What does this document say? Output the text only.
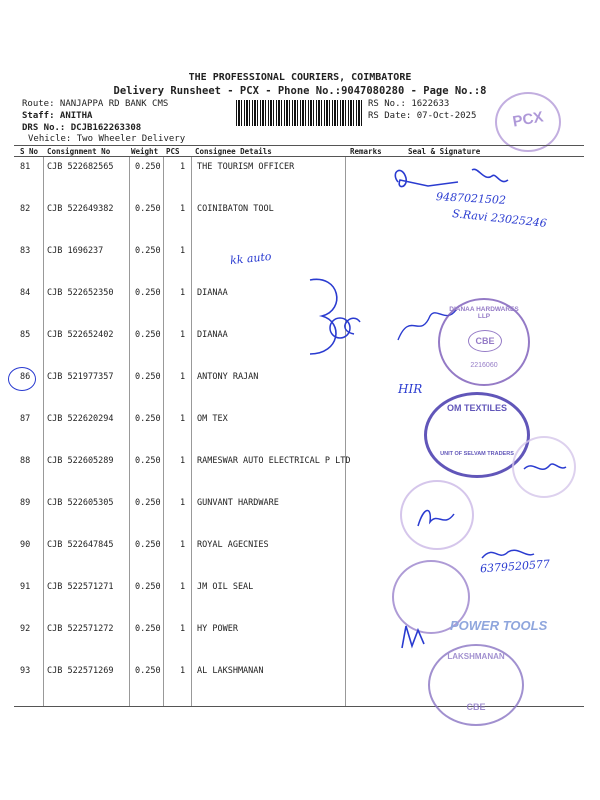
THE PROFESSIONAL COURIERS, COIMBATORE
Delivery Runsheet - PCX - Phone No.:9047080280 - Page No.:8
Route: NANJAPPA RD BANK CMS
Staff: ANITHA
DRS No.: DCJB162263308
Vehicle: Two Wheeler Delivery
RS No.: 1622633
RS Date: 07-Oct-2025	PCX
S No Consignment No	Weight PCS Consignee Details	Remarks	Seal & Signature
81 CJB 522682565	0.250 1 THE TOURISM OFFICER
82 CJB 522649382	0.250 1 COINIBATON TOOL
83 CJB 1696237	0.250 1
84 CJB 522652350	0.250 1 DIANAA
85 CJB 522652402	0.250 1 DIANAA
86 CJB 521977357	0.250 1 ANTONY RAJAN
87 CJB 522620294	0.250 1 OM TEX
88 CJB 522605289	0.250 1 RAMESWAR AUTO ELECTRICAL P LTD
89 CJB 522605305	0.250 1 GUNVANT HARDWARE
90 CJB 522647845	0.250 1 ROYAL AGECNIES
91 CJB 522571271	0.250 1 JM OIL SEAL
92 CJB 522571272	0.250 1 HY POWER
93 CJB 522571269	0.250 1 AL LAKSHMANAN
9487021502
S.Ravi 23025246
kk auto
DIANAA HARDWARES LLP
CBE
2216060
HIR
OM TEXTILES
UNIT OF SELVAM TRADERS
6379520577
POWER TOOLS
LAKSHMANAN
CBE
